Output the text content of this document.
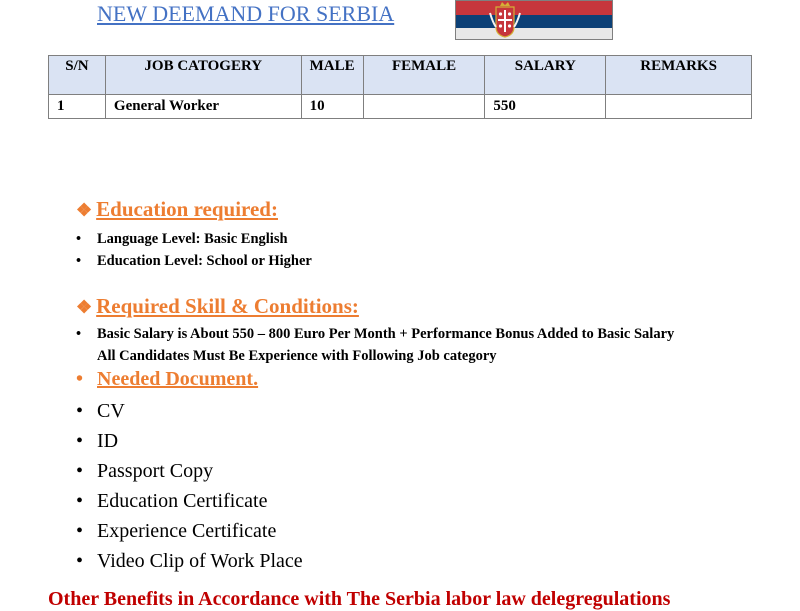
NEW DEEMAND FOR SERBIA
S/N	JOB CATOGERY	MALE	FEMALE	SALARY	REMARKS
1	General Worker	10		550	
❖ Education required:
• Language Level: Basic English
• Education Level: School or Higher
❖ Required Skill & Conditions:
• Basic Salary is About 550 – 800 Euro Per Month + Performance Bonus Added to Basic Salary
All Candidates Must Be Experience with Following Job category
• Needed Document.
• CV
• ID
• Passport Copy
• Education Certificate
• Experience Certificate
• Video Clip of Work Place
Other Benefits in Accordance with The Serbia labor law delegregulations
